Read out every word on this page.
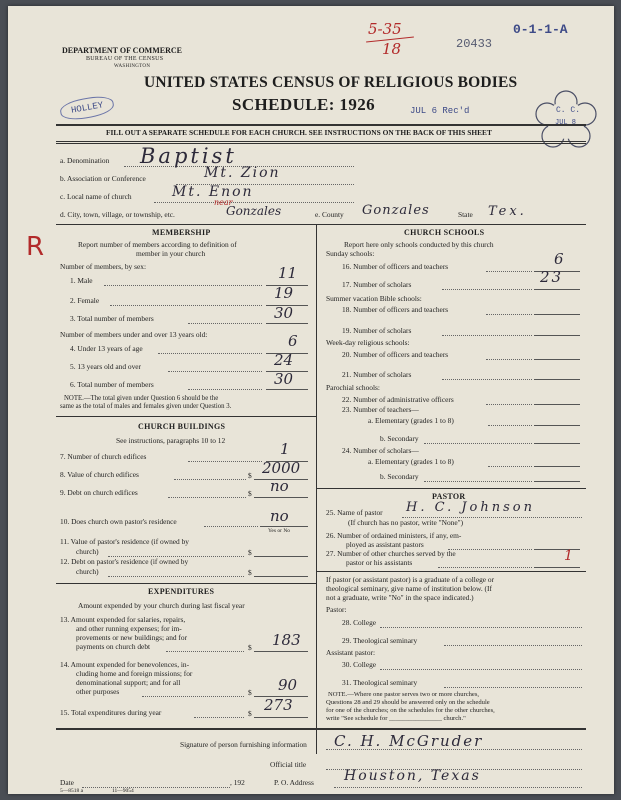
0-1-1-A
20433
5-35
18
DEPARTMENT OF COMMERCE
BUREAU OF THE CENSUS
WASHINGTON
UNITED STATES CENSUS OF RELIGIOUS BODIES
SCHEDULE: 1926
HOLLEY	JUL 6 Rec'd	C. C.
JUL 8
FILL OUT A SEPARATE SCHEDULE FOR EACH CHURCH. SEE INSTRUCTIONS ON THE BACK OF THIS SHEET
a. Denomination Baptist
b. Association or Conference	Mt. Zion
c. Local name of church	Mt. Enon
d. City, town, village, or township, etc.
near
Gonzales	e. County Gonzales	State Tex.
R	MEMBERSHIP
Report number of members according to definition of
member in your church
Number of members, by sex:
1. Male	11
2. Female	19
3. Total number of members	30
Number of members under and over 13 years old:
4. Under 13 years of age	6
5. 13 years old and over	24
6. Total number of members	30
NOTE.—The total given under Question 6 should be the
same as the total of males and females given under Question 3.
CHURCH BUILDINGS
See instructions, paragraphs 10 to 12
7. Number of church edifices	1
8. Value of church edifices	$ 2000
9. Debt on church edifices	$ no
10. Does church own pastor's residence	no
Yes or No
11. Value of pastor's residence (if owned by
church)	$
12. Debt on pastor's residence (if owned by
church)	$
EXPENDITURES
Amount expended by your church during last fiscal year
13. Amount expended for salaries, repairs,
and other running expenses; for im-
provements or new buildings; and for
payments on church debt	$ 183
14. Amount expended for benevolences, in-
cluding home and foreign missions; for
denominational support; and for all
other purposes	$ 90
15. Total expenditures during year	$ 273
CHURCH SCHOOLS
Report here only schools conducted by this church
Sunday schools:
16. Number of officers and teachers	6
17. Number of scholars	23
Summer vacation Bible schools:
18. Number of officers and teachers
19. Number of scholars
Week-day religious schools:
20. Number of officers and teachers
21. Number of scholars
Parochial schools:
22. Number of administrative officers
23. Number of teachers—
a. Elementary (grades 1 to 8)
b. Secondary
24. Number of scholars—
a. Elementary (grades 1 to 8)
b. Secondary
PASTOR
25. Name of pastor H. C. Johnson
(If church has no pastor, write "None")
26. Number of ordained ministers, if any, em-
ployed as assistant pastors
27. Number of other churches served by the
pastor or his assistants	1
If pastor (or assistant pastor) is a graduate of a college or
theological seminary, give name of institution below. (If
not a graduate, write "No" in the space indicated.)
Pastor:
28. College
29. Theological seminary
Assistant pastor:
30. College
31. Theological seminary
NOTE.—Where one pastor serves two or more churches,
Questions 28 and 29 should be answered only on the schedule
for one of the churches; on the schedules for the other churches,
write "See schedule for ________________ church."
Signature of person furnishing information C. H. McGruder
Official title
Date	, 192	P. O. Address Houston, Texas
5—8518 a	11—9054
